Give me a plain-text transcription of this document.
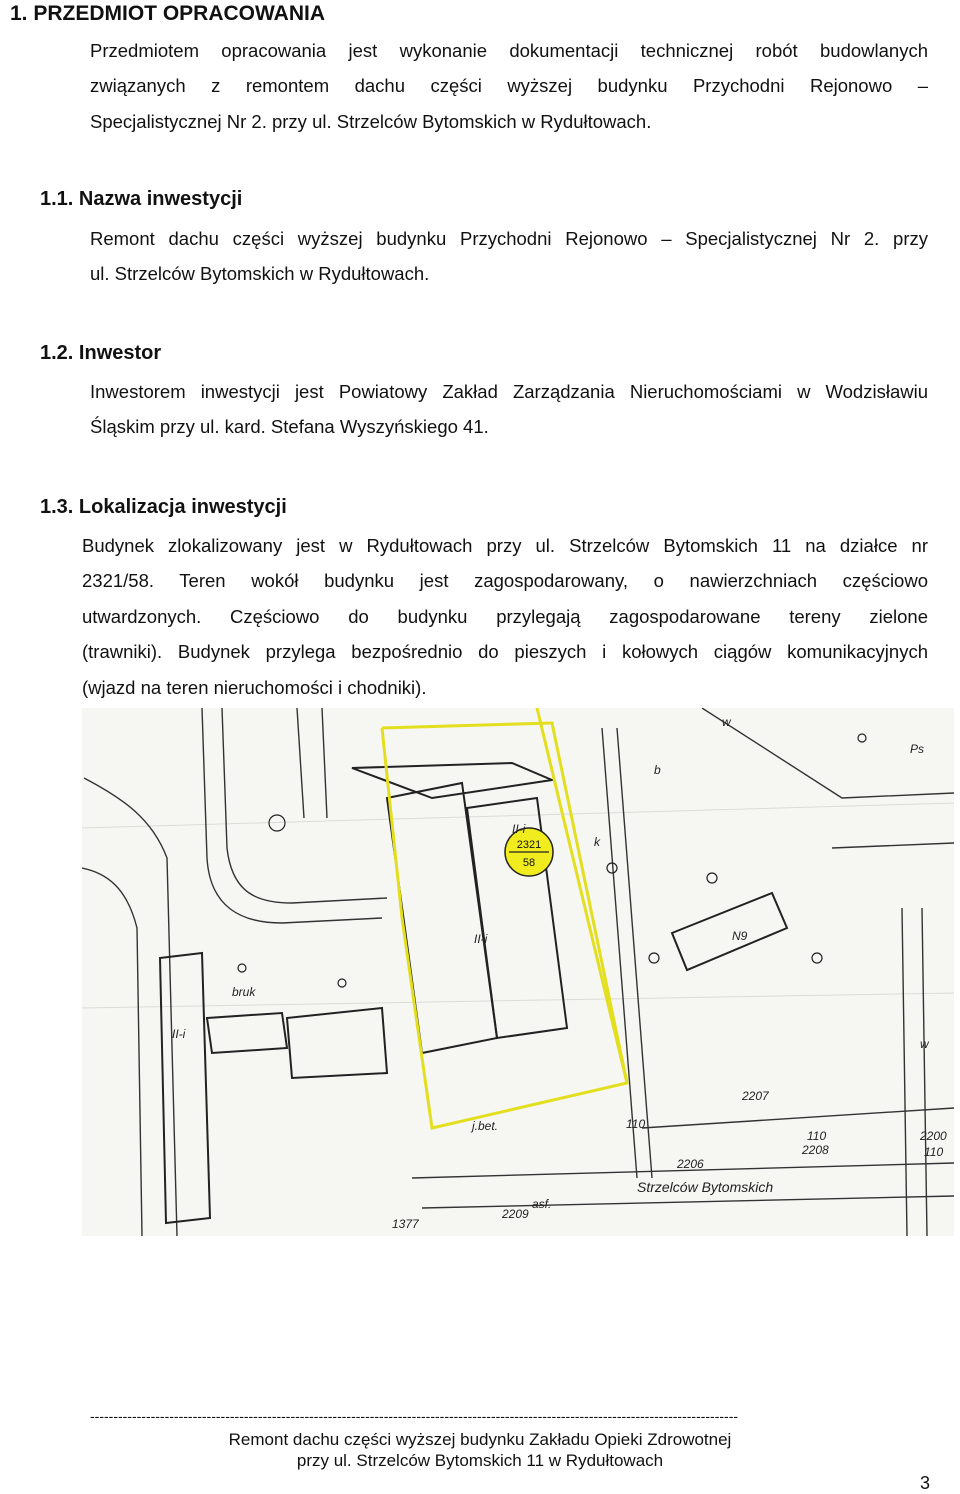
1. PRZEDMIOT OPRACOWANIA
Przedmiotem opracowania jest wykonanie dokumentacji technicznej robót budowlanych
związanych z remontem dachu części wyższej budynku Przychodni Rejonowo –
Specjalistycznej Nr 2. przy ul. Strzelców Bytomskich w Rydułtowach.
1.1. Nazwa inwestycji
Remont dachu części wyższej budynku Przychodni Rejonowo – Specjalistycznej Nr 2. przy
ul. Strzelców Bytomskich w Rydułtowach.
1.2. Inwestor
Inwestorem inwestycji jest Powiatowy Zakład Zarządzania Nieruchomościami w Wodzisławiu
Śląskim przy ul. kard. Stefana Wyszyńskiego 41.
1.3. Lokalizacja inwestycji
Budynek zlokalizowany jest w Rydułtowach przy ul. Strzelców Bytomskich 11 na działce nr
2321/58. Teren wokół budynku jest zagospodarowany, o nawierzchniach częściowo
utwardzonych. Częściowo do budynku przylegają zagospodarowane tereny zielone
(trawniki). Budynek przylega bezpośrednio do pieszych i kołowych ciągów komunikacyjnych
(wjazd na teren nieruchomości i chodniki).
2321
58
bruk
II-i
II-i
II-i
N9
j.bet.
Strzelców Bytomskich
asf.
2207
110
2208
110
2209
2206
2200
110
1377
w
w
Ps
b
k
-------------------------------------------------------------------------------------------------------------------------------------------
Remont dachu części wyższej budynku Zakładu Opieki Zdrowotnej
przy ul. Strzelców Bytomskich 11 w Rydułtowach
3
